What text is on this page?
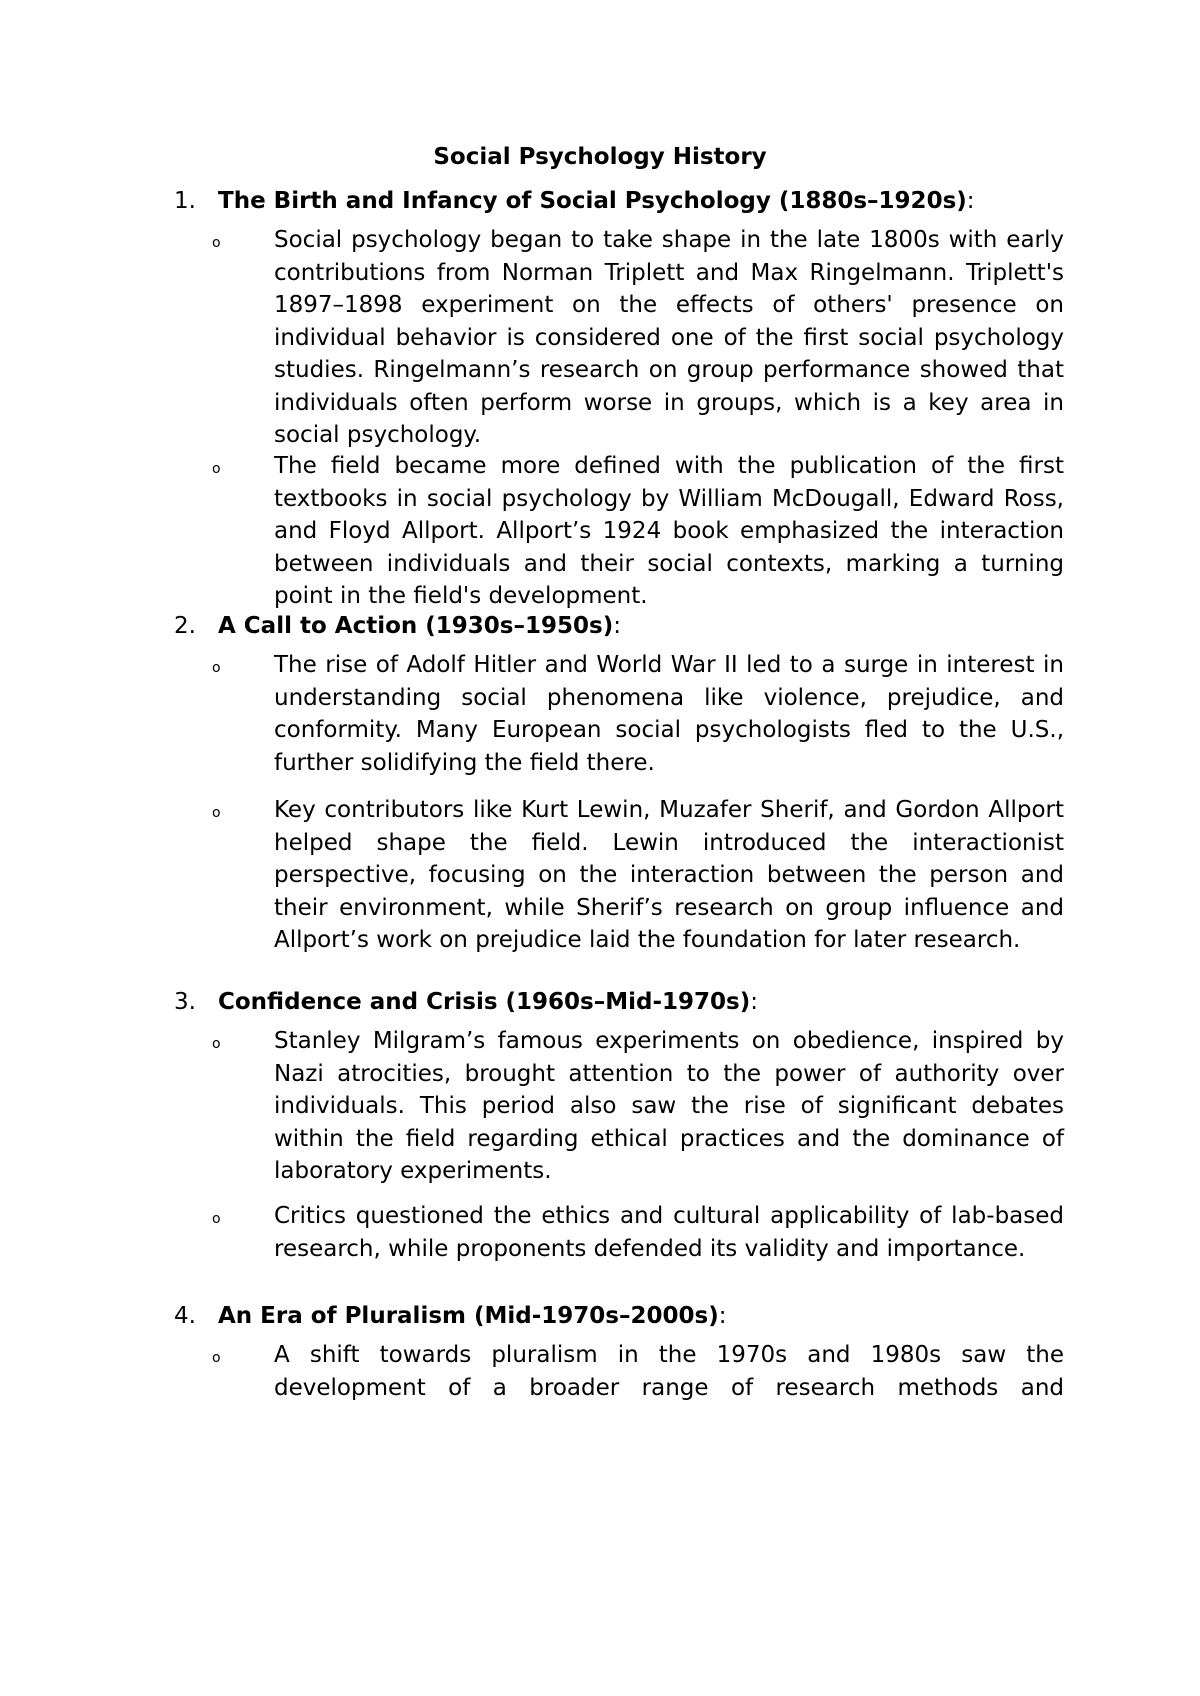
Social Psychology History
1. The Birth and Infancy of Social Psychology (1880s–1920s):
o Social psychology began to take shape in the late 1800s with early contributions from Norman Triplett and Max Ringelmann. Triplett's 1897–1898 experiment on the effects of others' presence on individual behavior is considered one of the first social psychology studies. Ringelmann’s research on group performance showed that individuals often perform worse in groups, which is a key area in social psychology.
o The field became more defined with the publication of the first textbooks in social psychology by William McDougall, Edward Ross, and Floyd Allport. Allport’s 1924 book emphasized the interaction between individuals and their social contexts, marking a turning point in the field's development.
2. A Call to Action (1930s–1950s):
o The rise of Adolf Hitler and World War II led to a surge in interest in understanding social phenomena like violence, prejudice, and conformity. Many European social psychologists fled to the U.S., further solidifying the field there.
o Key contributors like Kurt Lewin, Muzafer Sherif, and Gordon Allport helped shape the field. Lewin introduced the interactionist perspective, focusing on the interaction between the person and their environment, while Sherif’s research on group influence and Allport’s work on prejudice laid the foundation for later research.
3. Confidence and Crisis (1960s–Mid-1970s):
o Stanley Milgram’s famous experiments on obedience, inspired by Nazi atrocities, brought attention to the power of authority over individuals. This period also saw the rise of significant debates within the field regarding ethical practices and the dominance of laboratory experiments.
o Critics questioned the ethics and cultural applicability of lab-based research, while proponents defended its validity and importance.
4. An Era of Pluralism (Mid-1970s–2000s):
o A shift towards pluralism in the 1970s and 1980s saw the development of a broader range of research methods and
